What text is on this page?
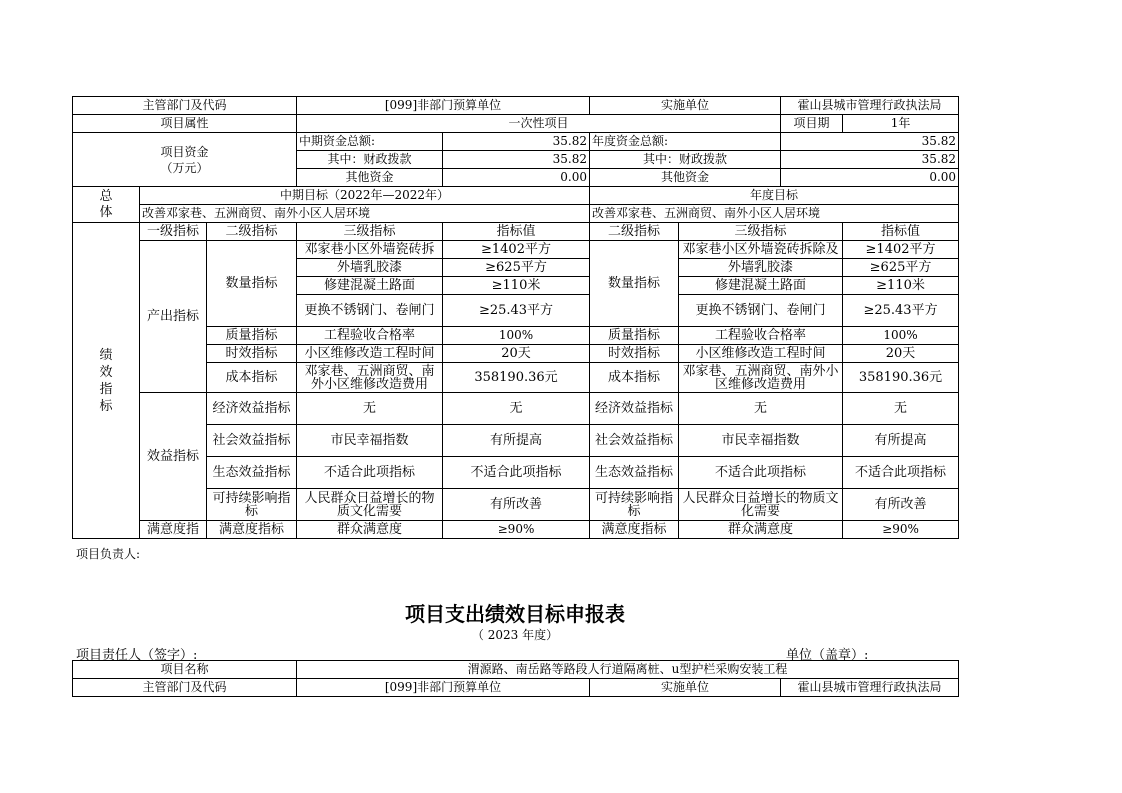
主管部门及代码			[099]非部门预算单位		实施单位		霍山县城市管理行政执法局	
项目属性			一次性项目				项目期	1年

项目资金
（万元）			中期资金总额:	35.82	年度资金总额:		35.82	
			其中：财政拨款	35.82	其中：财政拨款		35.82	
			其他资金	0.00	其他资金		0.00	

总
体	中期目标（2022年—2022年）				年度目标			
	改善邓家巷、五洲商贸、南外小区人居环境				改善邓家巷、五洲商贸、南外小区人居环境			

绩
效
指
标	一级指标	二级指标	三级指标	指标值	二级指标	三级指标		指标值
	产出指标	数量指标	邓家巷小区外墙瓷砖拆	≥1402平方	数量指标	邓家巷小区外墙瓷砖拆除及		≥1402平方
			外墙乳胶漆	≥625平方		外墙乳胶漆		≥625平方
			修建混凝土路面	≥110米		修建混凝土路面		≥110米
			更换不锈钢门、卷闸门	≥25.43平方		更换不锈钢门、卷闸门		≥25.43平方
		质量指标	工程验收合格率	100%	质量指标	工程验收合格率		100%
		时效指标	小区维修改造工程时间	20天	时效指标	小区维修改造工程时间		20天
		成本指标	邓家巷、五洲商贸、南外小区维修改造费用	358190.36元	成本指标	邓家巷、五洲商贸、南外小区维修改造费用		358190.36元
	效益指标	经济效益指标	无	无	经济效益指标	无		无
		社会效益指标	市民幸福指数	有所提高	社会效益指标	市民幸福指数		有所提高
		生态效益指标	不适合此项指标	不适合此项指标	生态效益指标	不适合此项指标		不适合此项指标
		可持续影响指标	人民群众日益增长的物质文化需要	有所改善	可持续影响指标	人民群众日益增长的物质文化需要		有所改善
	满意度指	满意度指标	群众满意度	≥90%	满意度指标	群众满意度		≥90%
项目负责人:
项目支出绩效目标申报表
（ 2023 年度）
项目责任人（签字）:	单位（盖章）:
项目名称	渭源路、南岳路等路段人行道隔离桩、u型护栏采购安装工程		
主管部门及代码	[099]非部门预算单位	实施单位	霍山县城市管理行政执法局
